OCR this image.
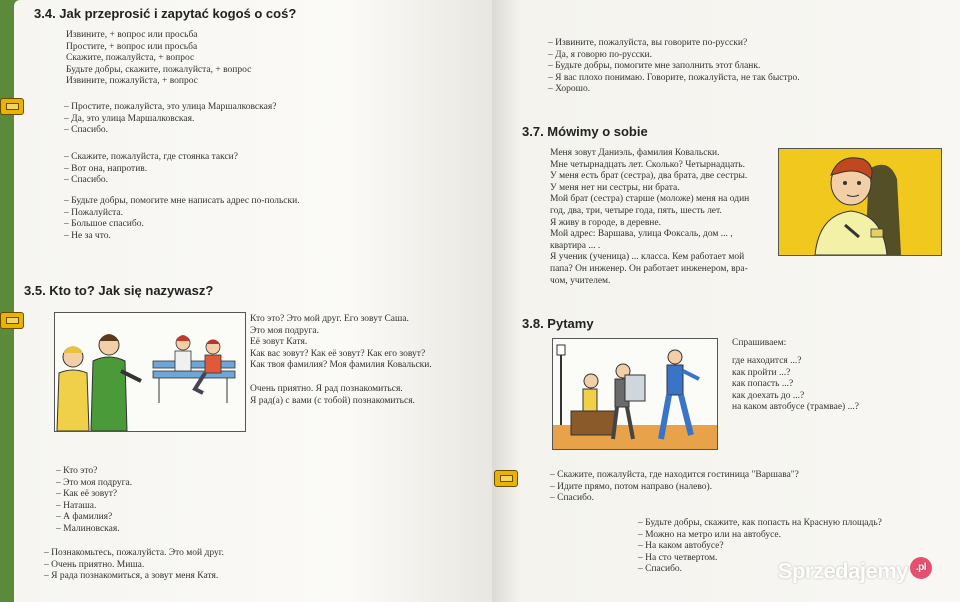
3.4. Jak przeprosić i zapytać kogoś o coś?
Извините, + вопрос или просьба
Простите, + вопрос или просьба
Скажите, пожалуйста, + вопрос
Будьте добры, скажите, пожалуйста, + вопрос
Извините, пожалуйста, + вопрос
– Простите, пожалуйста, это улица Маршалковская?
– Да, это улица Маршалковская.
– Спасибо.
– Скажите, пожалуйста, где стоянка такси?
– Вот она, напротив.
– Спасибо.
– Будьте добры, помогите мне написать адрес по-польски.
– Пожалуйста.
– Большое спасибо.
– Не за что.
3.5. Kto to? Jak się nazywasz?
Кто это? Это мой друг. Его зовут Саша.
Это моя подруга.
Её зовут Катя.
Как вас зовут? Как её зовут? Как его зовут?
Как твоя фамилия? Моя фамилия Ковальски.
Очень приятно. Я рад познакомиться.
Я рад(а) с вами (с тобой) познакомиться.
– Кто это?
– Это моя подруга.
– Как её зовут?
– Наташа.
– А фамилия?
– Малиновская.
– Познакомьтесь, пожалуйста. Это мой друг.
– Очень приятно. Миша.
– Я рада познакомиться, а зовут меня Катя.
– Извините, пожалуйста, вы говорите по-русски?
– Да, я говорю по-русски.
– Будьте добры, помогите мне заполнить этот бланк.
– Я вас плохо понимаю. Говорите, пожалуйста, не так быстро.
– Хорошо.
3.7. Mówimy o sobie
Меня зовут Даниэль, фамилия Ковальски.
Мне четырнадцать лет. Сколько? Четырнадцать.
У меня есть брат (сестра), два брата, две сестры.
У меня нет ни сестры, ни брата.
Мой брат (сестра) старше (моложе) меня на один
год, два, три, четыре года, пять, шесть лет.
Я живу в городе, в деревне.
Мой адрес: Варшава, улица Фоксаль, дом ... ,
квартира ... .
Я ученик (ученица) ... класса. Кем работает мой
папа? Он инженер. Он работает инженером, вра-
чом, учителем.
3.8. Pytamy
Спрашиваем:
где находится ...?
как пройти ...?
как попасть ...?
как доехать до ...?
на каком автобусе (трамвае) ...?
– Скажите, пожалуйста, где находится гостиница "Варшава"?
– Идите прямо, потом направо (налево).
– Спасибо.
– Будьте добры, скажите, как попасть на Красную площадь?
– Можно на метро или на автобусе.
– На каком автобусе?
– На сто четвертом.
– Спасибо.	Sprzedajemy .pl
